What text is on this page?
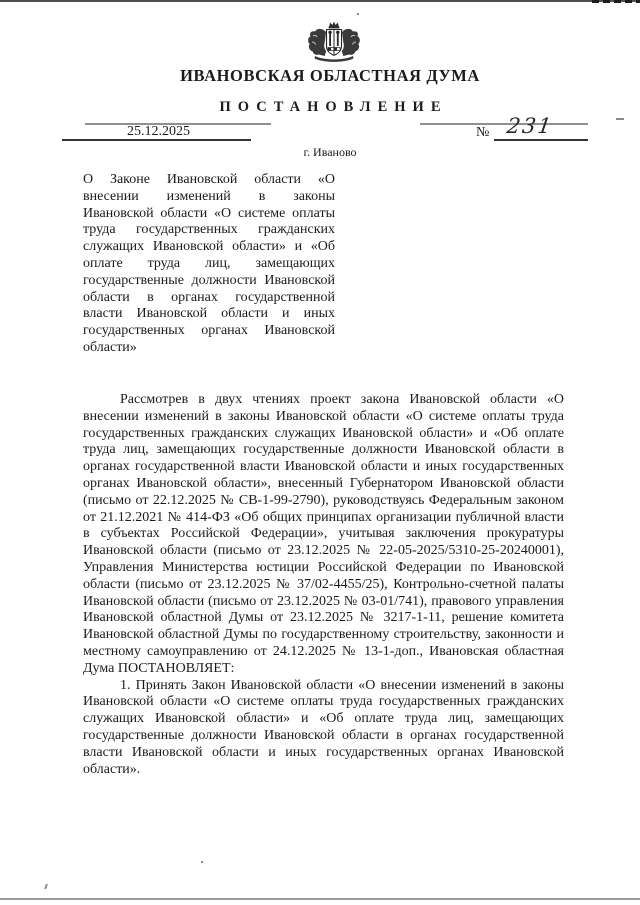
ИВАНОВСКАЯ ОБЛАСТНАЯ ДУМА
ПОСТАНОВЛЕНИЕ
25.12.2025	№ 231
г. Иваново
О Законе Ивановской области «О внесении изменений в законы Ивановской области «О системе оплаты труда государственных гражданских служащих Ивановской области» и «Об оплате труда лиц, замещающих государственные должности Ивановской области в органах государственной власти Ивановской области и иных государственных органах Ивановской области»

Рассмотрев в двух чтениях проект закона Ивановской области «О внесении изменений в законы Ивановской области «О системе оплаты труда государственных гражданских служащих Ивановской области» и «Об оплате труда лиц, замещающих государственные должности Ивановской области в органах государственной власти Ивановской области и иных государственных органах Ивановской области», внесенный Губернатором Ивановской области (письмо от 22.12.2025 № СВ-1-99-2790), руководствуясь Федеральным законом от 21.12.2021 № 414-ФЗ «Об общих принципах организации публичной власти в субъектах Российской Федерации», учитывая заключения прокуратуры Ивановской области (письмо от 23.12.2025 № 22-05-2025/5310-25-20240001), Управления Министерства юстиции Российской Федерации по Ивановской области (письмо от 23.12.2025 № 37/02-4455/25), Контрольно-счетной палаты Ивановской области (письмо от 23.12.2025 № 03-01/741), правового управления Ивановской областной Думы от 23.12.2025 № 3217-1-11, решение комитета Ивановской областной Думы по государственному строительству, законности и местному самоуправлению от 24.12.2025 № 13-1-доп., Ивановская областная Дума ПОСТАНОВЛЯЕТ:

1. Принять Закон Ивановской области «О внесении изменений в законы Ивановской области «О системе оплаты труда государственных гражданских служащих Ивановской области» и «Об оплате труда лиц, замещающих государственные должности Ивановской области в органах государственной власти Ивановской области и иных государственных органах Ивановской области».
